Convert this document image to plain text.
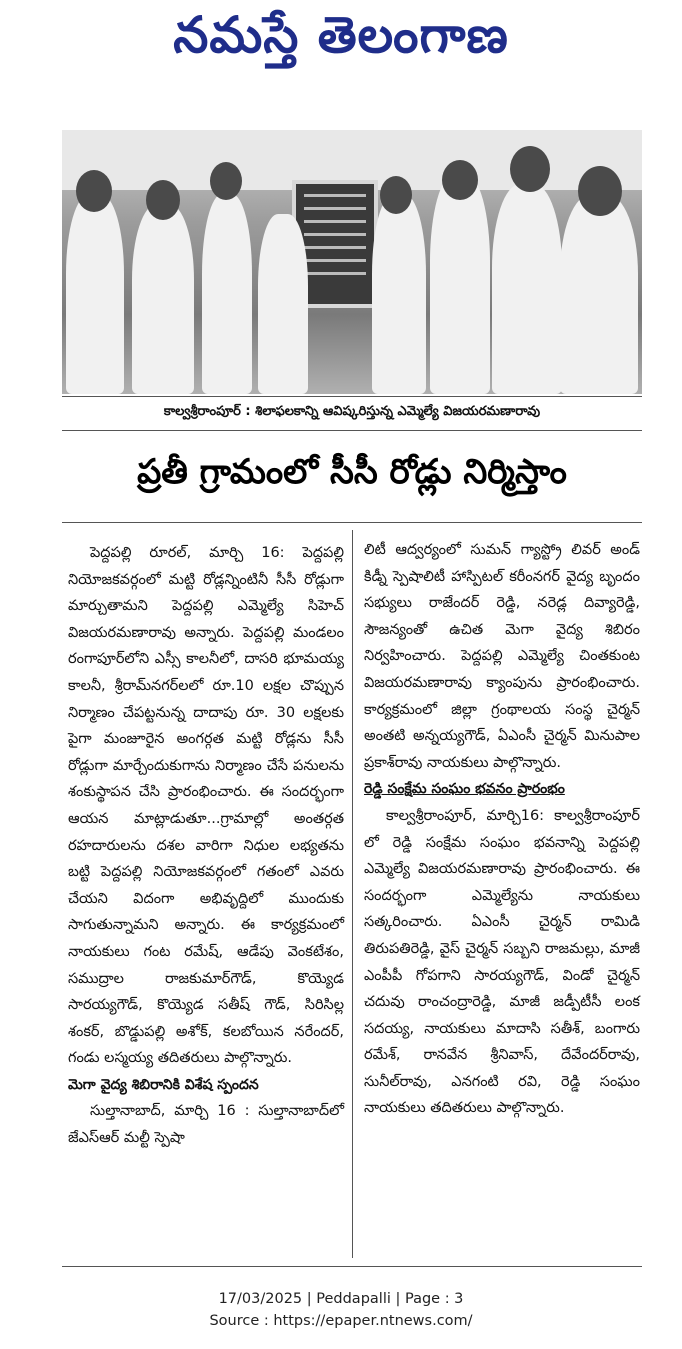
నమస్తే తెలంగాణ
కాల్వశ్రీరాంపూర్ : శిలాఫలకాన్ని ఆవిష్కరిస్తున్న ఎమ్మెల్యే విజయరమణారావు
ప్రతీ గ్రామంలో సీసీ రోడ్లు నిర్మిస్తాం

పెద్దపల్లి రూరల్, మార్చి 16: పెద్దపల్లి నియోజకవర్గంలో మట్టి రోడ్లన్నింటినీ సీసీ రోడ్లుగా మార్చుతామని పెద్దపల్లి ఎమ్మెల్యే సిహెచ్ విజయరమణారావు అన్నారు. పెద్దపల్లి మండలం రంగాపూర్‌లోని ఎస్సీ కాలనీలో, దాసరి భూమయ్య కాలనీ, శ్రీరామ్‌నగర్‌లలో రూ.10 లక్షల చొప్పున నిర్మాణం చేపట్టనున్న దాదాపు రూ. 30 లక్షలకు పైగా మంజూరైన అంగర్గత మట్టి రోడ్లను సీసీ రోడ్లుగా మార్చేందుకుగాను నిర్మాణం చేసే పనులను శంకుస్థాపన చేసి ప్రారంభించారు. ఈ సందర్భంగా ఆయన మాట్లాడుతూ...గ్రామాల్లో అంతర్గత రహదారులను దశల వారిగా నిధుల లభ్యతను బట్టి పెద్దపల్లి నియోజకవర్గంలో గతంలో ఎవరు చేయని విదంగా అభివృద్దిలో ముందుకు సాగుతున్నామని అన్నారు. ఈ కార్యక్రమంలో నాయకులు గంట రమేష్, ఆడేపు వెంకటేశం, సముద్రాల రాజకుమార్‌గౌడ్, కొయ్యెడ సారయ్యగౌడ్, కొయ్యెడ సతీష్ గౌడ్, సిరిసిల్ల శంకర్, బొడ్డుపల్లి అశోక్, కలబోయిన నరేందర్, గండు లస్మయ్య తదితరులు పాల్గొన్నారు.

మెగా వైద్య శిబిరానికి విశేష స్పందన

సుల్తానాబాద్, మార్చి 16 : సుల్తానాబాద్‌లో జేఎస్ఆర్ మల్టీ స్పెషా

లిటీ ఆద్వర్యంలో సుమన్ గ్యాస్ట్రో లివర్ అండ్ కిడ్నీ స్పెషాలిటీ హాస్పిటల్ కరీంనగర్ వైద్య బృందం సభ్యులు రాజేందర్ రెడ్డి, నరెడ్ల దివ్యారెడ్డి, సౌజన్యంతో ఉచిత మెగా వైద్య శిబిరం నిర్వహించారు. పెద్దపల్లి ఎమ్మెల్యే చింతకుంట విజయరమణారావు క్యాంపును ప్రారంభించారు. కార్యక్రమంలో జిల్లా గ్రంథాలయ సంస్థ చైర్మన్ అంతటి అన్నయ్యగౌడ్, ఏఎంసీ చైర్మన్ మినుపాల ప్రకాశ్‌రావు నాయకులు పాల్గొన్నారు.

రెడ్డి సంక్షేమ సంఘం భవనం ప్రారంభం

కాల్వశ్రీరాంపూర్, మార్చి16: కాల్వశ్రీరాంపూర్ లో రెడ్డి సంక్షేమ సంఘం భవనాన్ని పెద్దపల్లి ఎమ్మెల్యే విజయరమణారావు ప్రారంభించారు. ఈ సందర్భంగా ఎమ్మెల్యేను నాయకులు సత్కరించారు. ఏఎంసీ చైర్మన్ రామిడి తిరుపతిరెడ్డి, వైస్ చైర్మన్ సబ్బని రాజమల్లు, మాజీ ఎంపీపీ గోపగాని సారయ్యగౌడ్, విండో చైర్మన్ చదువు రాంచంద్రారెడ్డి, మాజీ జడ్పీటీసీ లంక సదయ్య, నాయకులు మాదాసి సతీశ్, బంగారు రమేశ్, రానవేన శ్రీనివాస్, దేవేందర్‌రావు, సునీల్‌రావు, ఎనగంటి రవి, రెడ్డి సంఘం నాయకులు తదితరులు పాల్గొన్నారు.

17/03/2025 | Peddapalli | Page : 3
Source : https://epaper.ntnews.com/
